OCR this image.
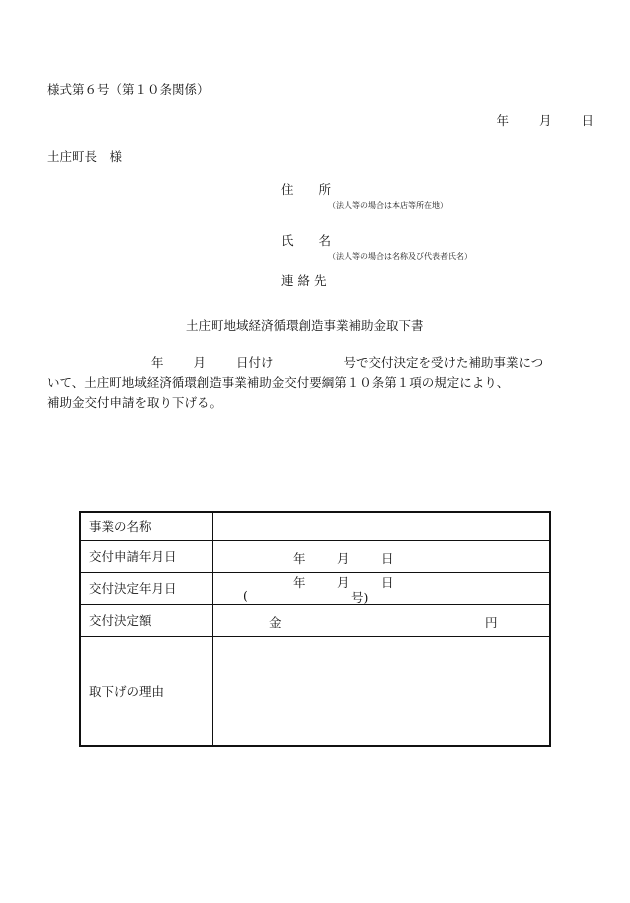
様式第６号（第１０条関係）
年 月 日
土庄町長　様
住　　所
（法人等の場合は本店等所在地）
氏　　名
（法人等の場合は名称及び代表者氏名）
連 絡 先
土庄町地域経済循環創造事業補助金取下書
年 月 日付け	号で交付決定を受けた補助事業につ
いて、土庄町地域経済循環創造事業補助金交付要綱第１０条第１項の規定により、
補助金交付申請を取り下げる。
事業の名称	
交付申請年月日	年 月 日

交付決定年月日	年 月 日
( 号)

交付決定額	金 円

取下げの理由	
